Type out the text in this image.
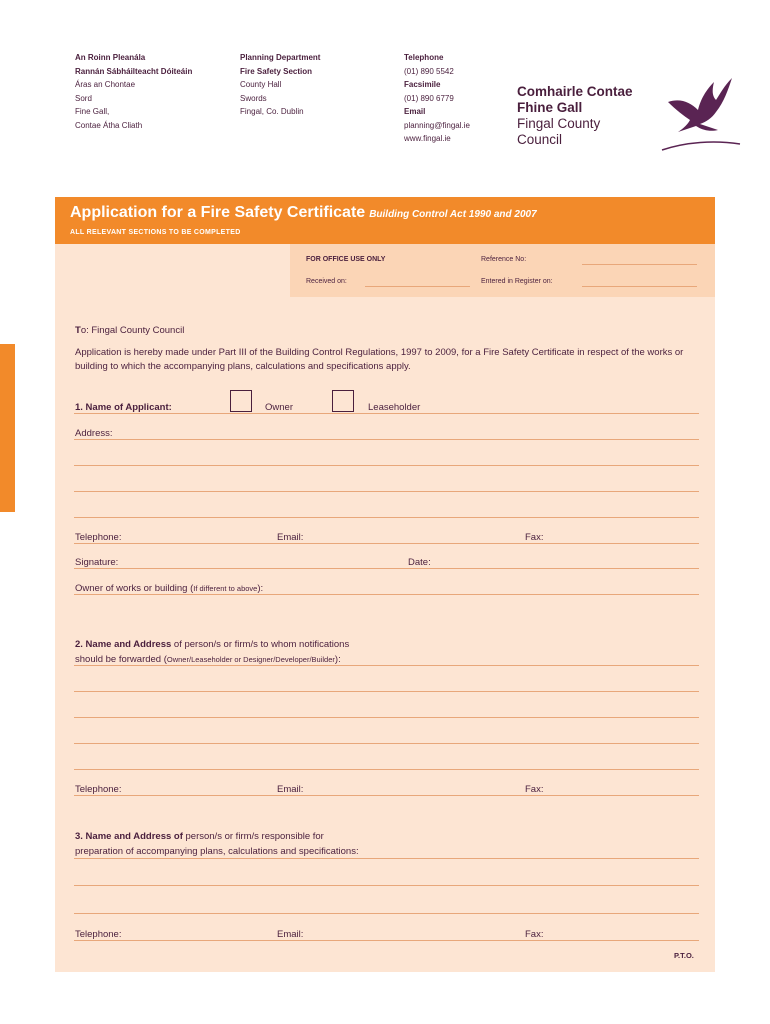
An Roinn Pleanála
Rannán Sábháilteacht Dóiteáin
Áras an Chontae
Sord
Fine Gall,
Contae Átha Cliath
Planning Department
Fire Safety Section
County Hall
Swords
Fingal, Co. Dublin
Telephone
(01) 890 5542
Facsimile
(01) 890 6779
Email
planning@fingal.ie
www.fingal.ie
Comhairle Contae
Fhine Gall
Fingal County
Council
Application for a Fire Safety Certificate Building Control Act 1990 and 2007
ALL RELEVANT SECTIONS TO BE COMPLETED
FOR OFFICE USE ONLY	Reference No:
Received on:	Entered in Register on:
To: Fingal County Council
Application is hereby made under Part III of the Building Control Regulations, 1997 to 2009, for a Fire Safety Certificate in respect of the works or building to which the accompanying plans, calculations and specifications apply.
1. Name of Applicant:	Owner	Leaseholder
Address:
Telephone:	Email:	Fax:
Signature:	Date:
Owner of works or building (If different to above):
2. Name and Address of person/s or firm/s to whom notifications
should be forwarded (Owner/Leaseholder or Designer/Developer/Builder):
Telephone:	Email:	Fax:
3. Name and Address of person/s or firm/s responsible for
preparation of accompanying plans, calculations and specifications:
Telephone:	Email:	Fax:
P.T.O.
